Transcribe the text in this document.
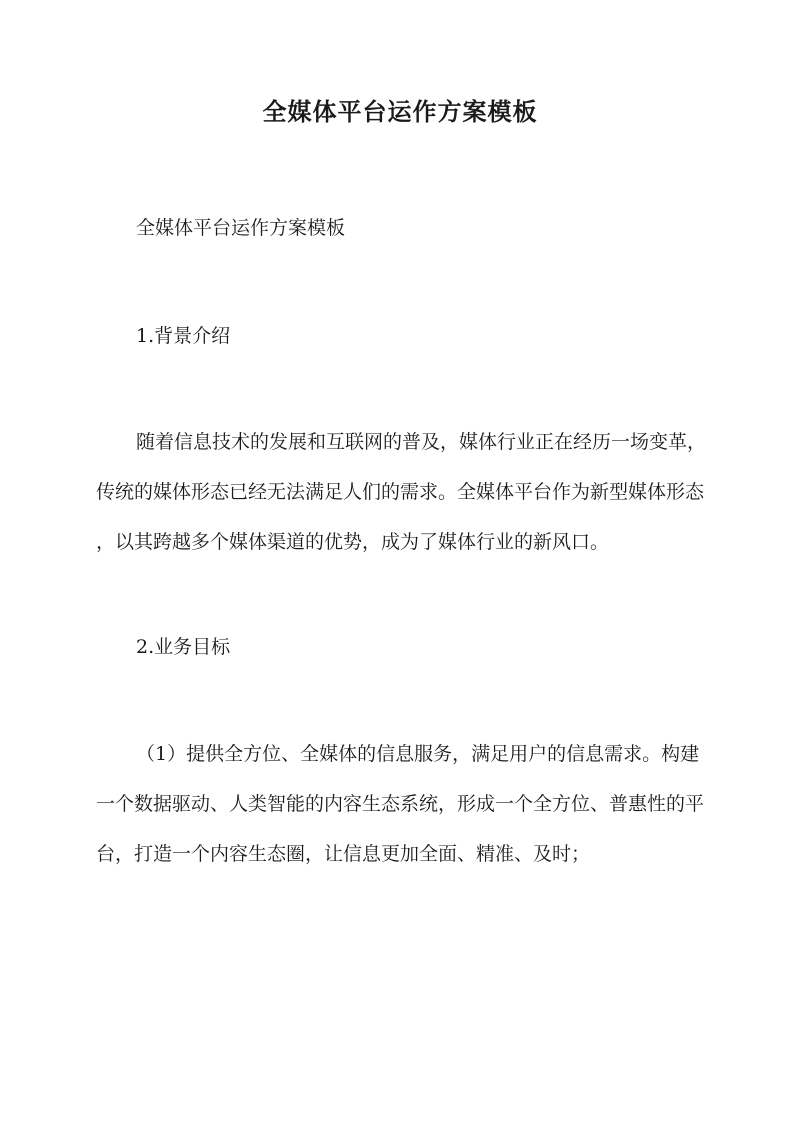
全媒体平台运作方案模板
全媒体平台运作方案模板
1.背景介绍
随着信息技术的发展和互联网的普及，媒体行业正在经历一场变革，
传统的媒体形态已经无法满足人们的需求。全媒体平台作为新型媒体形态
，以其跨越多个媒体渠道的优势，成为了媒体行业的新风口。
2.业务目标
（1）提供全方位、全媒体的信息服务，满足用户的信息需求。构建
一个数据驱动、人类智能的内容生态系统，形成一个全方位、普惠性的平
台，打造一个内容生态圈，让信息更加全面、精准、及时；
